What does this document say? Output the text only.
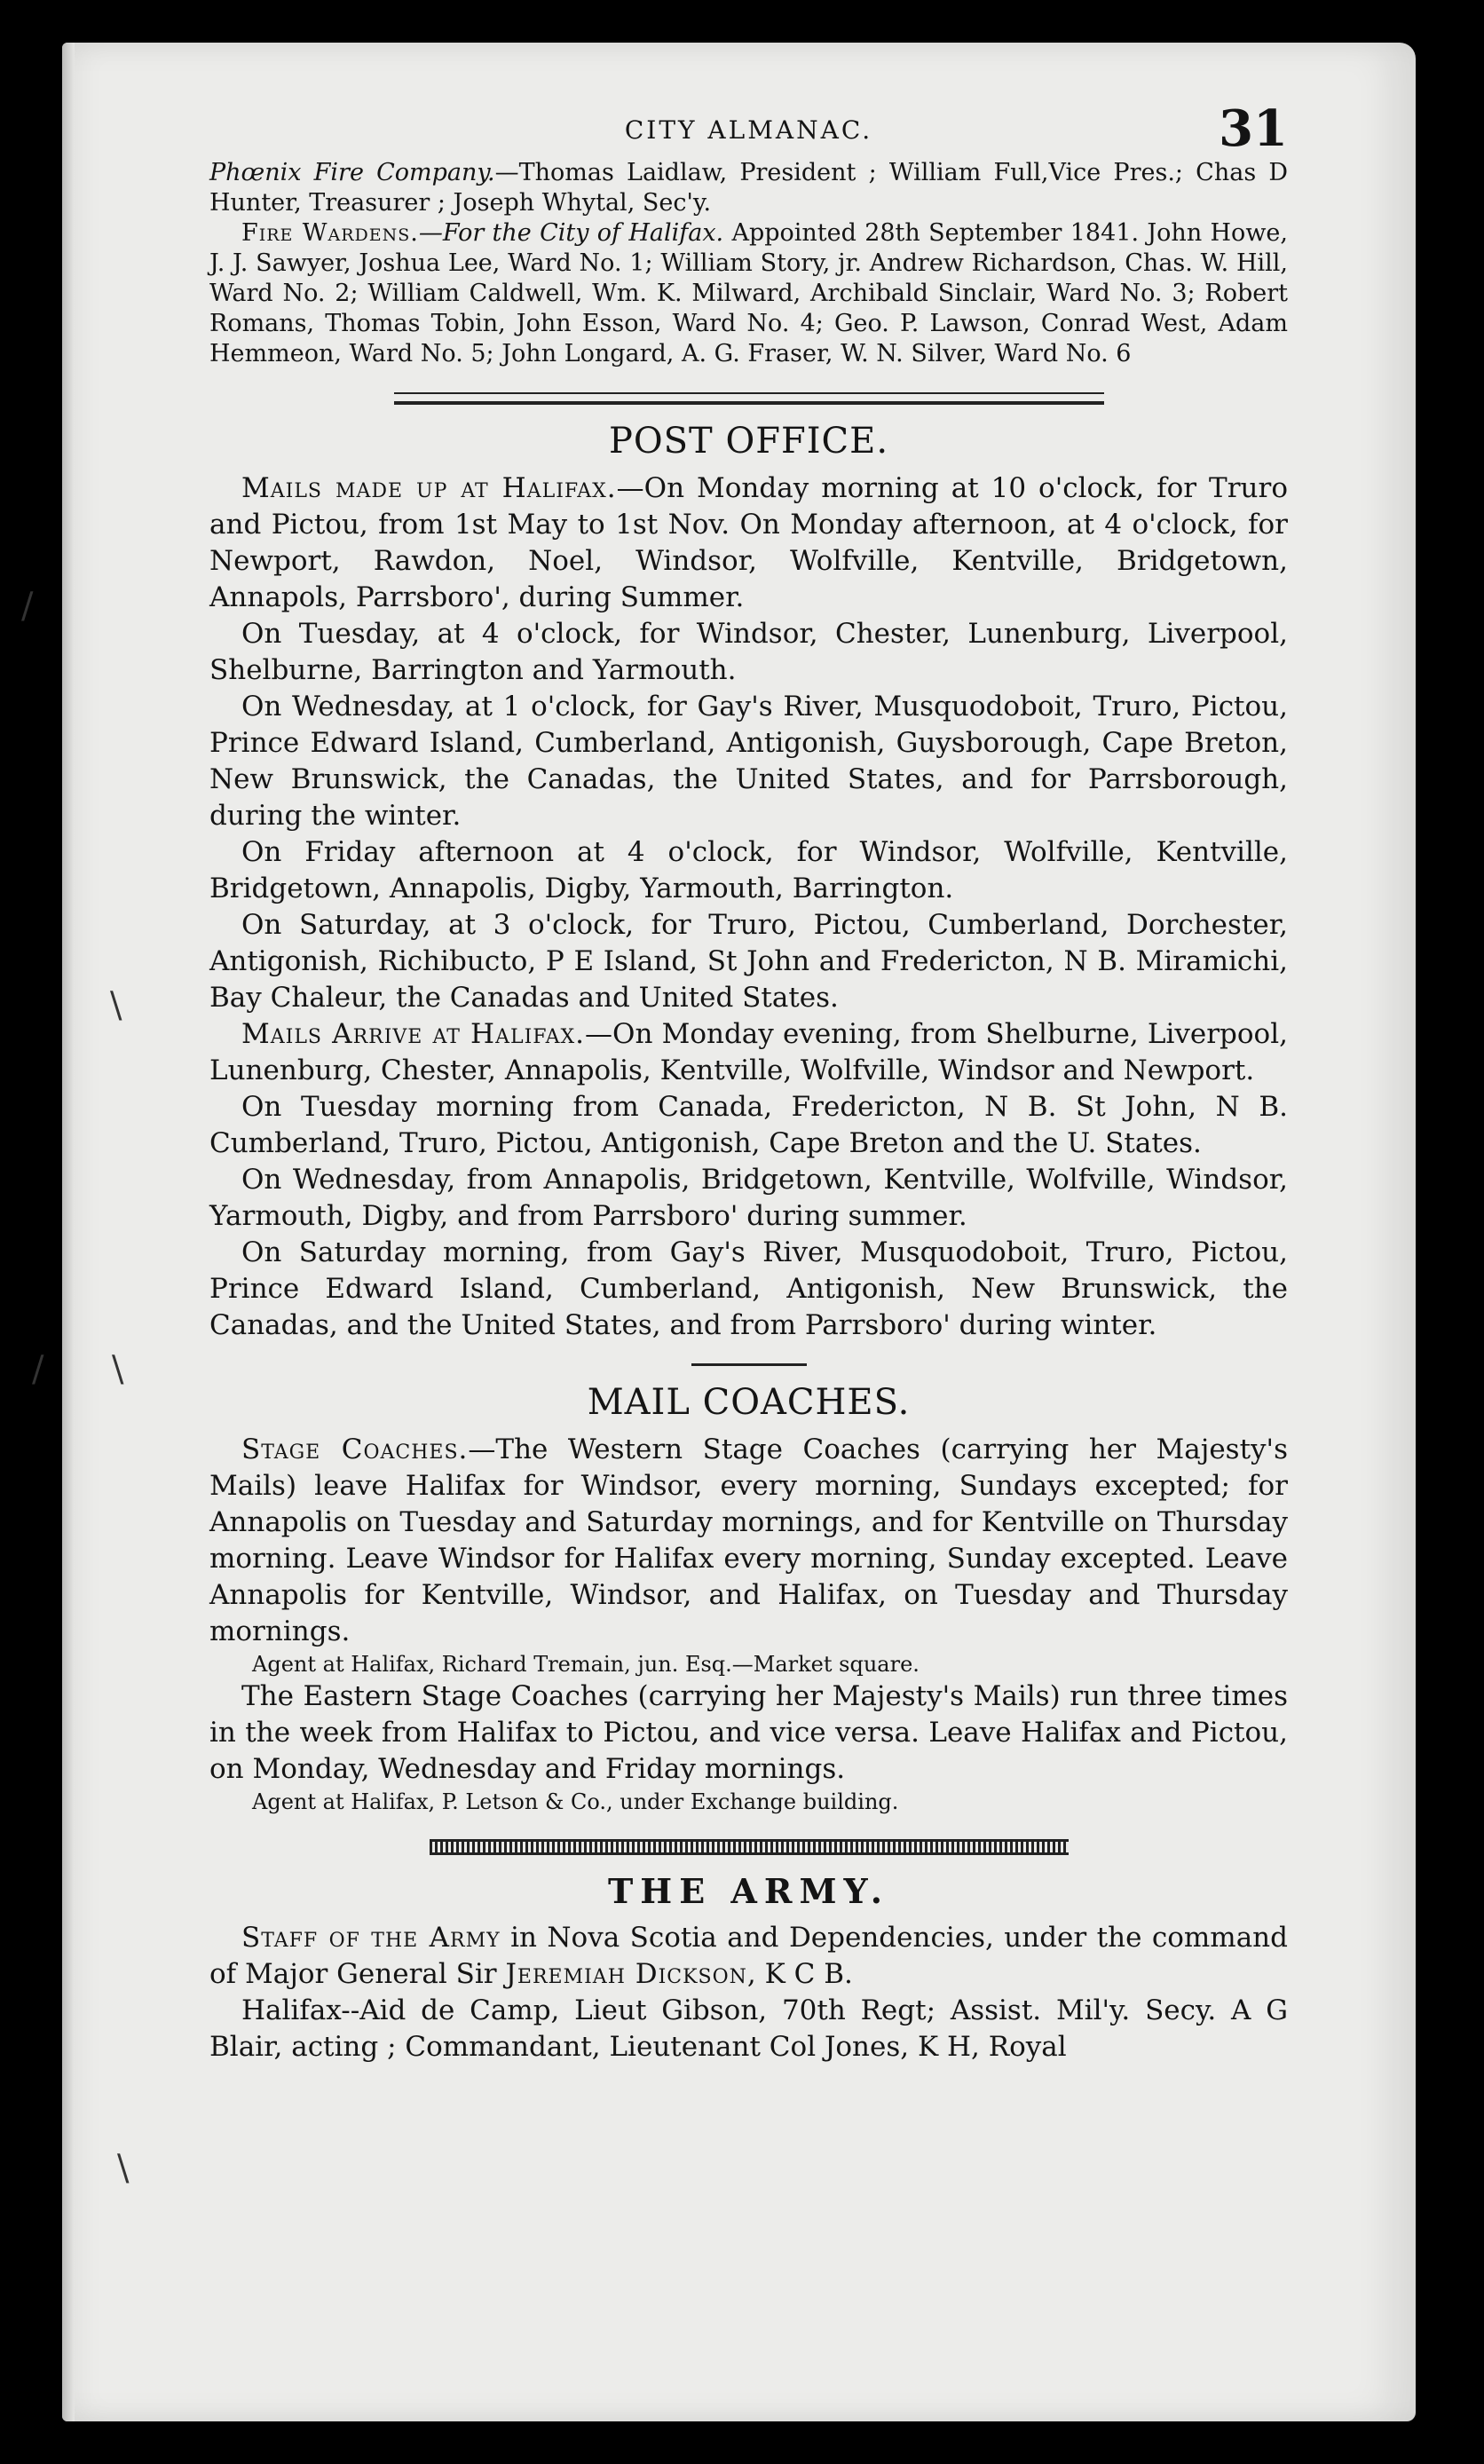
/
\
/ \
\
CITY ALMANAC.	31

Phœnix Fire Company.—Thomas Laidlaw, President ; William Full,Vice Pres.; Chas D Hunter, Treasurer ; Joseph Whytal, Sec'y.

Fire Wardens.—For the City of Halifax. Appointed 28th September 1841. John Howe, J. J. Sawyer, Joshua Lee, Ward No. 1; William Story, jr. Andrew Richardson, Chas. W. Hill, Ward No. 2; William Caldwell, Wm. K. Milward, Archibald Sinclair, Ward No. 3; Robert Romans, Thomas Tobin, John Esson, Ward No. 4; Geo. P. Lawson, Conrad West, Adam Hemmeon, Ward No. 5; John Longard, A. G. Fraser, W. N. Silver, Ward No. 6

POST OFFICE.

Mails made up at Halifax.—On Monday morning at 10 o'clock, for Truro and Pictou, from 1st May to 1st Nov. On Monday afternoon, at 4 o'clock, for Newport, Rawdon, Noel, Windsor, Wolfville, Kentville, Bridgetown, Annapols, Parrsboro', during Summer.

On Tuesday, at 4 o'clock, for Windsor, Chester, Lunenburg, Liverpool, Shelburne, Barrington and Yarmouth.

On Wednesday, at 1 o'clock, for Gay's River, Musquodoboit, Truro, Pictou, Prince Edward Island, Cumberland, Antigonish, Guysborough, Cape Breton, New Brunswick, the Canadas, the United States, and for Parrsborough, during the winter.

On Friday afternoon at 4 o'clock, for Windsor, Wolfville, Kentville, Bridgetown, Annapolis, Digby, Yarmouth, Barrington.

On Saturday, at 3 o'clock, for Truro, Pictou, Cumberland, Dorchester, Antigonish, Richibucto, P E Island, St John and Fredericton, N B. Miramichi, Bay Chaleur, the Canadas and United States.

Mails Arrive at Halifax.—On Monday evening, from Shelburne, Liverpool, Lunenburg, Chester, Annapolis, Kentville, Wolfville, Windsor and Newport.

On Tuesday morning from Canada, Fredericton, N B. St John, N B. Cumberland, Truro, Pictou, Antigonish, Cape Breton and the U. States.

On Wednesday, from Annapolis, Bridgetown, Kentville, Wolfville, Windsor, Yarmouth, Digby, and from Parrsboro' during summer.

On Saturday morning, from Gay's River, Musquodoboit, Truro, Pictou, Prince Edward Island, Cumberland, Antigonish, New Brunswick, the Canadas, and the United States, and from Parrsboro' during winter.

MAIL COACHES.

Stage Coaches.—The Western Stage Coaches (carrying her Majesty's Mails) leave Halifax for Windsor, every morning, Sundays excepted; for Annapolis on Tuesday and Saturday mornings, and for Kentville on Thursday morning. Leave Windsor for Halifax every morning, Sunday excepted. Leave Annapolis for Kentville, Windsor, and Halifax, on Tuesday and Thursday mornings.

Agent at Halifax, Richard Tremain, jun. Esq.—Market square.

The Eastern Stage Coaches (carrying her Majesty's Mails) run three times in the week from Halifax to Pictou, and vice versa. Leave Halifax and Pictou, on Monday, Wednesday and Friday mornings.

Agent at Halifax, P. Letson & Co., under Exchange building.

THE ARMY.

Staff of the Army in Nova Scotia and Dependencies, under the command of Major General Sir Jeremiah Dickson, K C B.

Halifax--Aid de Camp, Lieut Gibson, 70th Regt; Assist. Mil'y. Secy. A G Blair, acting ; Commandant, Lieutenant Col Jones, K H, Royal
